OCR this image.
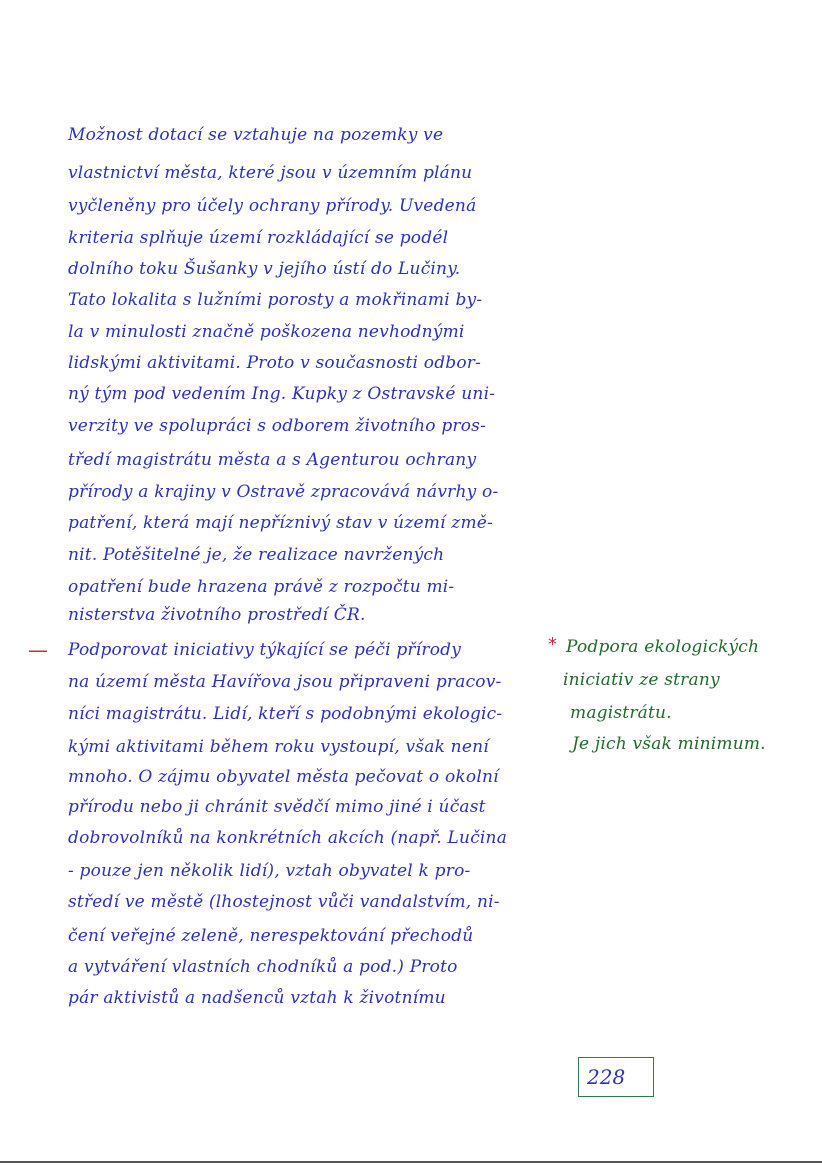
Možnost dotací se vztahuje na pozemky ve
vlastnictví města, které jsou v územním plánu
vyčleněny pro účely ochrany přírody. Uvedená
kriteria splňuje území rozkládající se podél
dolního toku Šušanky v jejího ústí do Lučiny.
Tato lokalita s lužními porosty a mokřinami by-
la v minulosti značně poškozena nevhodnými
lidskými aktivitami. Proto v současnosti odbor-
ný tým pod vedením Ing. Kupky z Ostravské uni-
verzity ve spolupráci s odborem životního pros-
tředí magistrátu města a s Agenturou ochrany
přírody a krajiny v Ostravě zpracovává návrhy o-
patření, která mají nepříznivý stav v území změ-
nit. Potěšitelné je, že realizace navržených
opatření bude hrazena právě z rozpočtu mi-
nisterstva životního prostředí ČR.
— Podporovat iniciativy týkající se péči přírody
na území města Havířova jsou připraveni pracov-
níci magistrátu. Lidí, kteří s podobnými ekologic-
kými aktivitami během roku vystoupí, však není
mnoho. O zájmu obyvatel města pečovat o okolní
přírodu nebo ji chránit svědčí mimo jiné i účast
dobrovolníků na konkrétních akcích (např. Lučina
- pouze jen několik lidí), vztah obyvatel k pro-
středí ve městě (lhostejnost vůči vandalstvím, ni-
čení veřejné zeleně, nerespektování přechodů
a vytváření vlastních chodníků a pod.) Proto
pár aktivistů a nadšenců vztah k životnímu
* Podpora ekologických
iniciativ ze strany
magistrátu.
Je jich však minimum.
228
